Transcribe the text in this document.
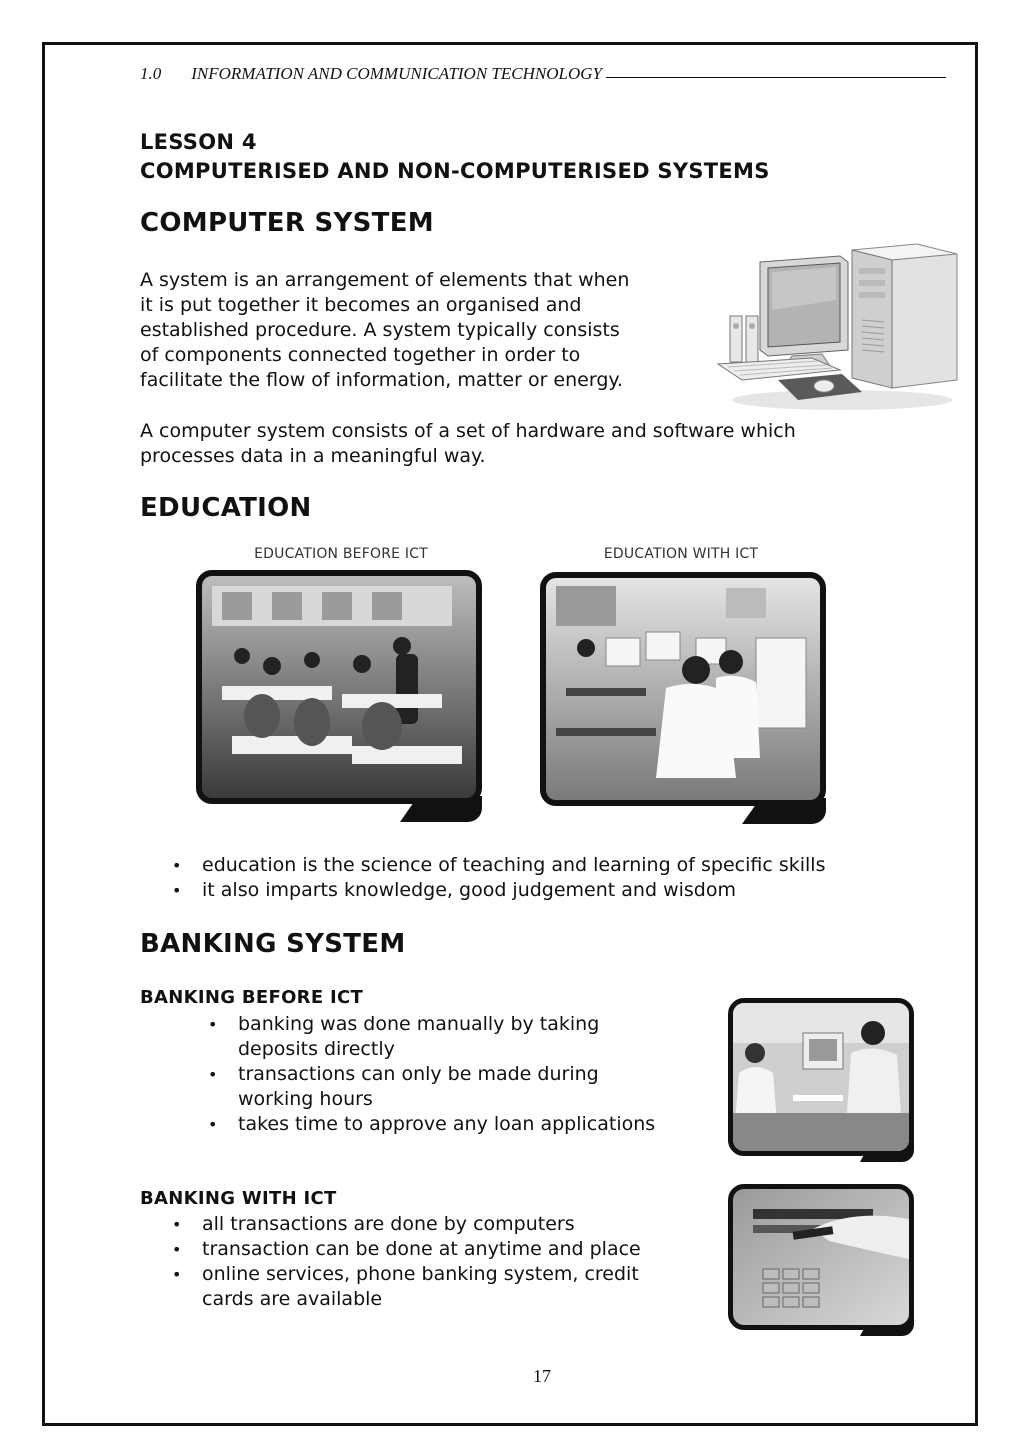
1.0 INFORMATION AND COMMUNICATION TECHNOLOGY
LESSON 4
COMPUTERISED AND NON-COMPUTERISED SYSTEMS
COMPUTER SYSTEM
A system is an arrangement of elements that when
it is put together it becomes an organised and
established procedure. A system typically consists
of components connected together in order to
facilitate the flow of information, matter or energy.
A computer system consists of a set of hardware and software which
processes data in a meaningful way.
EDUCATION
EDUCATION BEFORE ICT	EDUCATION WITH ICT
• education is the science of teaching and learning of specific skills
• it also imparts knowledge, good judgement and wisdom
BANKING SYSTEM
BANKING BEFORE ICT
• banking was done manually by taking
deposits directly
• transactions can only be made during
working hours
• takes time to approve any loan applications
BANKING WITH ICT
• all transactions are done by computers
• transaction can be done at anytime and place
• online services, phone banking system, credit
cards are available
17
